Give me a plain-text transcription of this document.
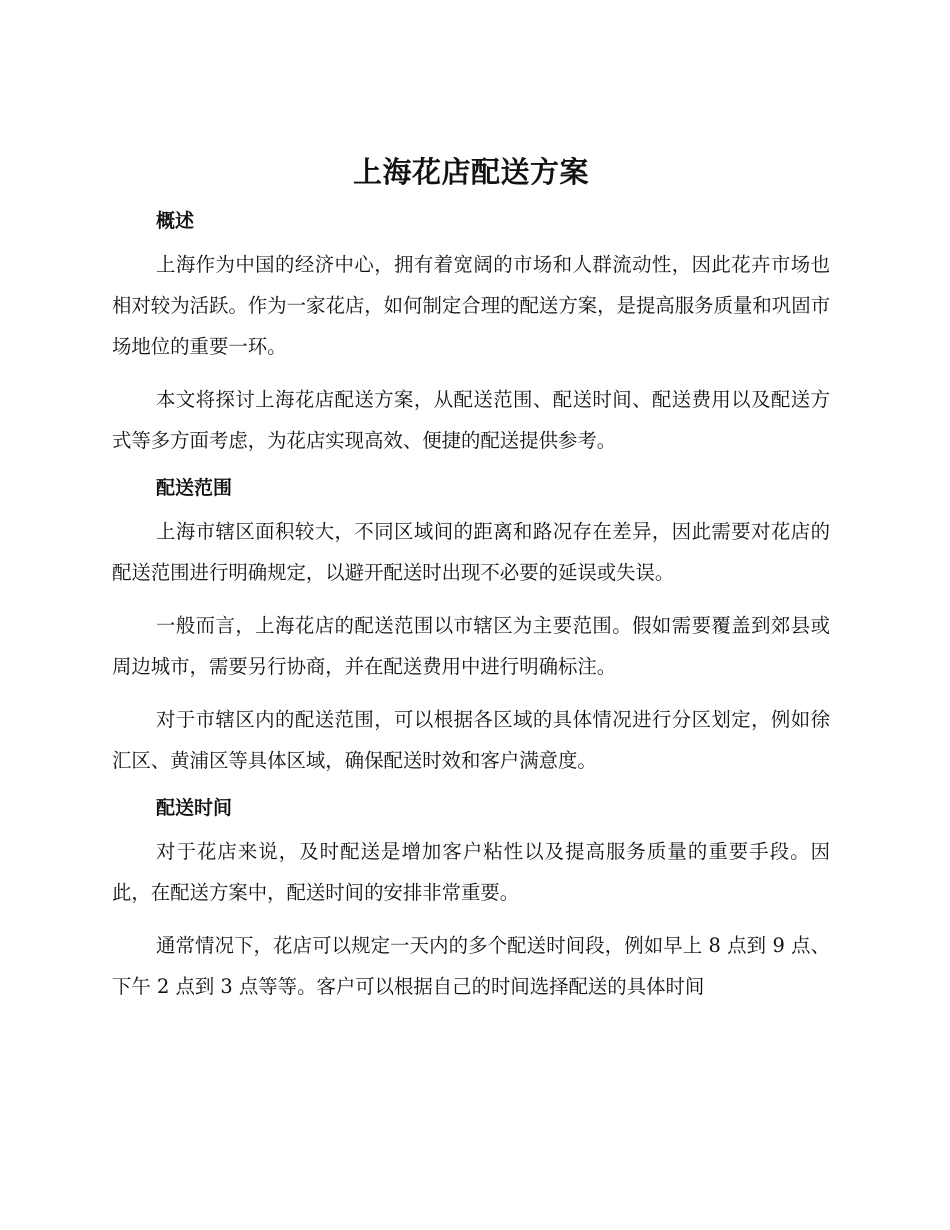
上海花店配送方案
概述

上海作为中国的经济中心，拥有着宽阔的市场和人群流动性，因此花卉市场也相对较为活跃。作为一家花店，如何制定合理的配送方案，是提高服务质量和巩固市场地位的重要一环。

本文将探讨上海花店配送方案，从配送范围、配送时间、配送费用以及配送方式等多方面考虑，为花店实现高效、便捷的配送提供参考。

配送范围

上海市辖区面积较大，不同区域间的距离和路况存在差异，因此需要对花店的配送范围进行明确规定，以避开配送时出现不必要的延误或失误。

一般而言，上海花店的配送范围以市辖区为主要范围。假如需要覆盖到郊县或周边城市，需要另行协商，并在配送费用中进行明确标注。

对于市辖区内的配送范围，可以根据各区域的具体情况进行分区划定，例如徐汇区、黄浦区等具体区域，确保配送时效和客户满意度。

配送时间

对于花店来说，及时配送是增加客户粘性以及提高服务质量的重要手段。因此，在配送方案中，配送时间的安排非常重要。

通常情况下，花店可以规定一天内的多个配送时间段，例如早上 8 点到 9 点、下午 2 点到 3 点等等。客户可以根据自己的时间选择配送的具体时间
